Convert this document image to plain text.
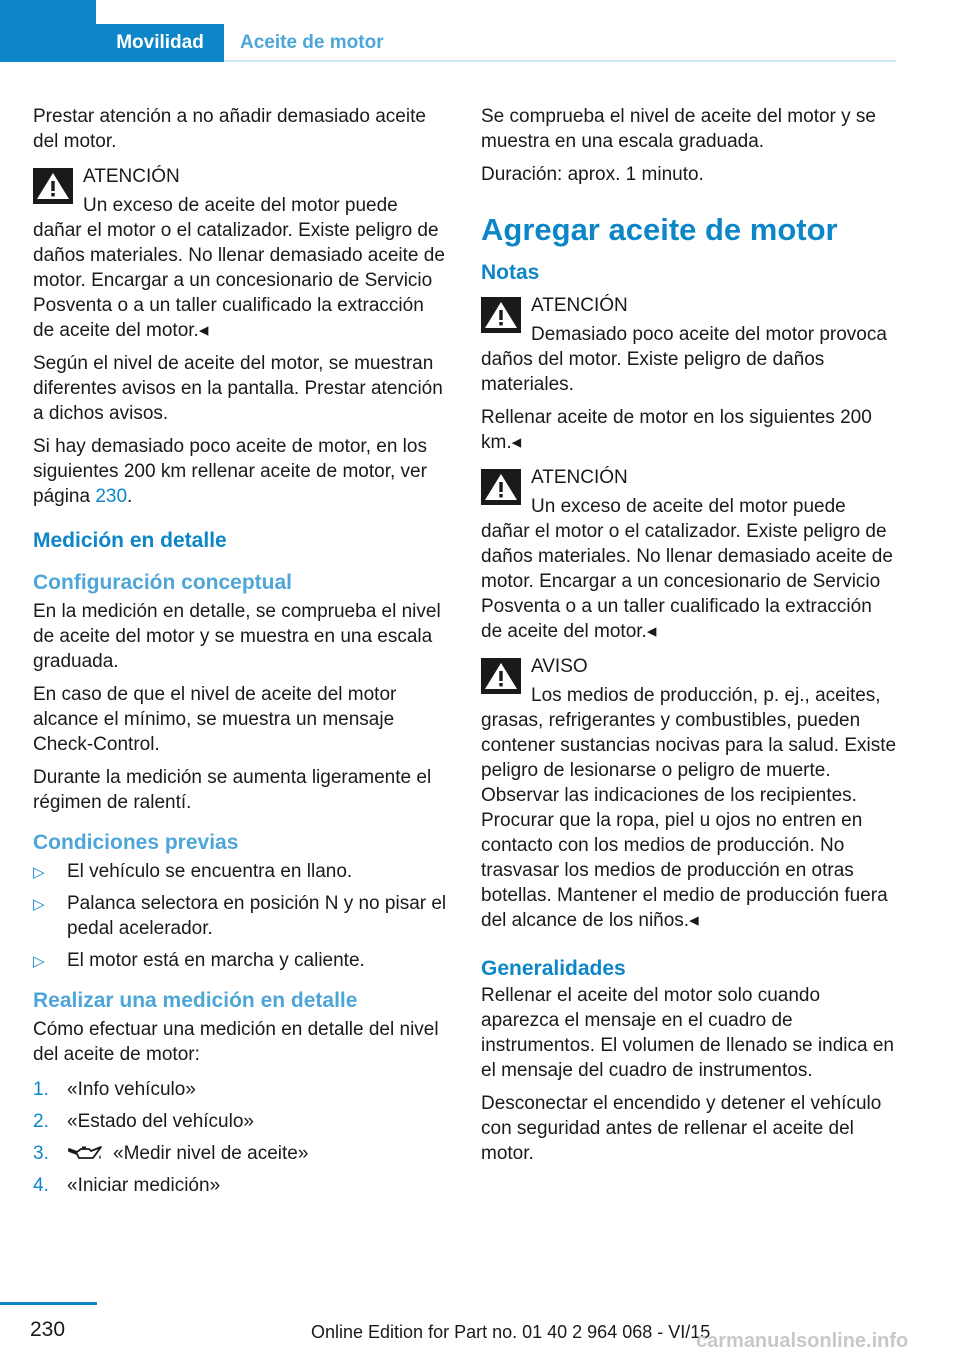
Movilidad	Aceite de motor

Prestar atención a no añadir demasiado aceite del motor.

ATENCIÓN

Un exceso de aceite del motor puede dañar el motor o el catalizador. Existe peligro de daños materiales. No llenar demasiado aceite de motor. Encargar a un concesionario de Servicio Posventa o a un taller cualificado la extracción de aceite del motor.◂

Según el nivel de aceite del motor, se muestran diferentes avisos en la pantalla. Prestar atención a dichos avisos.

Si hay demasiado poco aceite de motor, en los siguientes 200 km rellenar aceite de motor, ver página 230.

Medición en detalle
Configuración conceptual

En la medición en detalle, se comprueba el nivel de aceite del motor y se muestra en una escala graduada.

En caso de que el nivel de aceite del motor alcance el mínimo, se muestra un mensaje Check-Control.

Durante la medición se aumenta ligeramente el régimen de ralentí.

Condiciones previas
▷ El vehículo se encuentra en llano.
▷ Palanca selectora en posición N y no pisar el pedal acelerador.
▷ El motor está en marcha y caliente.
Realizar una medición en detalle

Cómo efectuar una medición en detalle del nivel del aceite de motor:

1. «Info vehículo»
2. «Estado del vehículo»
3.	«Medir nivel de aceite»
4. «Iniciar medición»

Se comprueba el nivel de aceite del motor y se muestra en una escala graduada.

Duración: aprox. 1 minuto.

Agregar aceite de motor
Notas
ATENCIÓN

Demasiado poco aceite del motor provoca daños del motor. Existe peligro de daños materiales.

Rellenar aceite de motor en los siguientes 200 km.◂

ATENCIÓN

Un exceso de aceite del motor puede dañar el motor o el catalizador. Existe peligro de daños materiales. No llenar demasiado aceite de motor. Encargar a un concesionario de Servicio Posventa o a un taller cualificado la extracción de aceite del motor.◂

AVISO

Los medios de producción, p. ej., aceites, grasas, refrigerantes y combustibles, pueden contener sustancias nocivas para la salud. Existe peligro de lesionarse o peligro de muerte. Observar las indicaciones de los recipientes. Procurar que la ropa, piel u ojos no entren en contacto con los medios de producción. No trasvasar los medios de producción en otras botellas. Mantener el medio de producción fuera del alcance de los niños.◂

Generalidades

Rellenar el aceite del motor solo cuando aparezca el mensaje en el cuadro de instrumentos. El volumen de llenado se indica en el mensaje del cuadro de instrumentos.

Desconectar el encendido y detener el vehículo con seguridad antes de rellenar el aceite del motor.

230	Online Edition for Part no. 01 40 2 964 068 - VI/15
carmanualsonline.info
